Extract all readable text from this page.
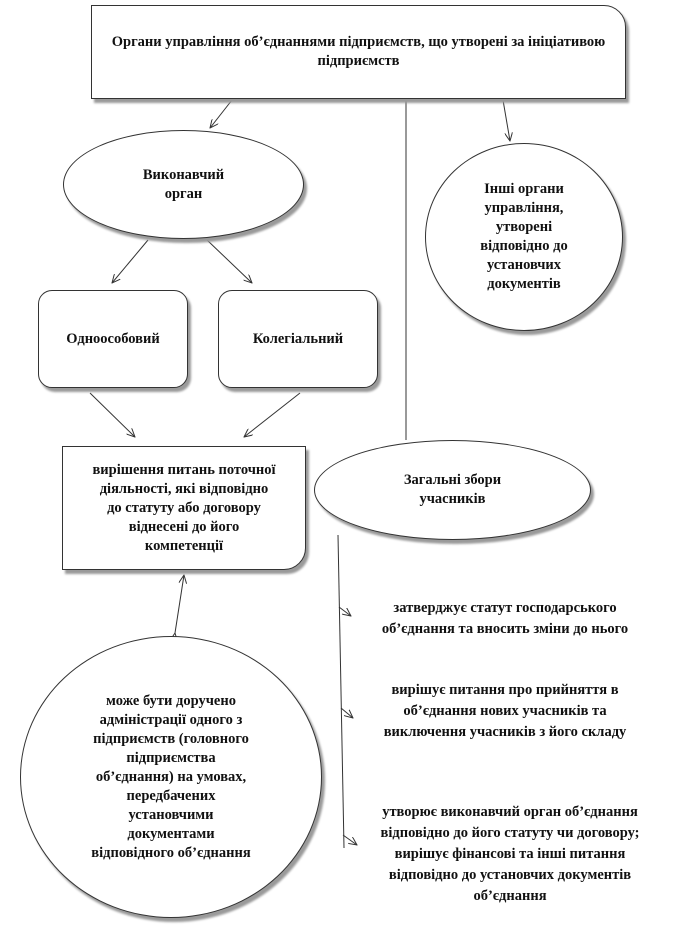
Органи управління об’єднаннями підприємств, що утворені за ініціативою підприємств
Виконавчий
орган	Інші органи
управління,
утворені
відповідно до
установчих
документів
Одноособовий	Колегіальний
вирішення питань поточної
діяльності, які відповідно
до статуту або договору
віднесені до його
компетенції
Загальні збори
учасників
може бути доручено
адміністрації одного з
підприємств (головного
підприємства
об’єднання) на умовах,
передбачених
установчими
документами
відповідного об’єднання
затверджує статут господарського
об’єднання та вносить зміни до нього
вирішує питання про прийняття в
об’єднання нових учасників та
виключення учасників з його складу
утворює виконавчий орган об’єднання
відповідно до його статуту чи договору;
вирішує фінансові та інші питання
відповідно до установчих документів
об’єднання
